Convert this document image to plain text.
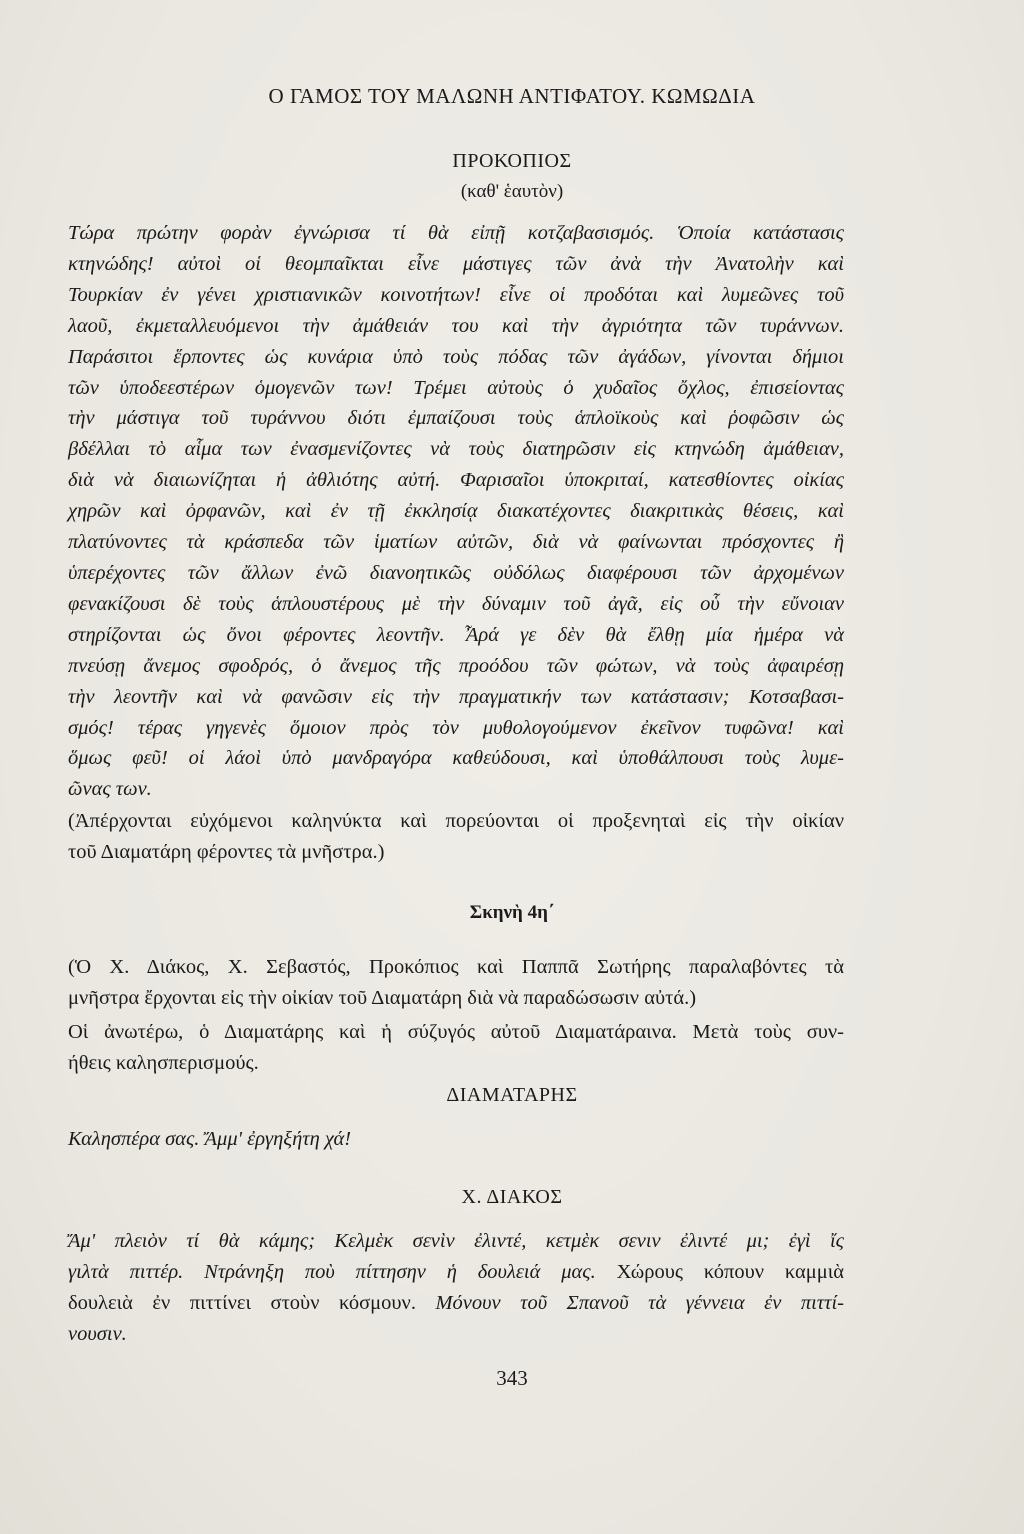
Ο ΓΑΜΟΣ ΤΟΥ ΜΑΛΩΝΗ ΑΝΤΙΦΑΤΟΥ. ΚΩΜΩΔΙΑ
ΠΡΟΚΟΠΙΟΣ
(καθ' ἑαυτὸν)
Τώρα πρώτην φορὰν ἐγνώρισα τί θὰ εἰπῇ κοτζαβασισμός. Ὁποία κατάστασις
κτηνώδης! αὐτοὶ οἱ θεομπαῖκται εἶνε μάστιγες τῶν ἀνὰ τὴν Ἀνατολὴν καὶ
Τουρκίαν ἐν γένει χριστιανικῶν κοινοτήτων! εἶνε οἱ προδόται καὶ λυμεῶνες τοῦ
λαοῦ, ἐκμεταλλευόμενοι τὴν ἀμάθειάν του καὶ τὴν ἀγριότητα τῶν τυράννων.
Παράσιτοι ἕρποντες ὡς κυνάρια ὑπὸ τοὺς πόδας τῶν ἀγάδων, γίνονται δήμιοι
τῶν ὑποδεεστέρων ὁμογενῶν των! Τρέμει αὐτοὺς ὁ χυδαῖος ὄχλος, ἐπισείοντας
τὴν μάστιγα τοῦ τυράννου διότι ἐμπαίζουσι τοὺς ἁπλοϊκοὺς καὶ ῥοφῶσιν ὡς
βδέλλαι τὸ αἷμα των ἐνασμενίζοντες νὰ τοὺς διατηρῶσιν εἰς κτηνώδη ἀμάθειαν,
διὰ νὰ διαιωνίζηται ἡ ἀθλιότης αὐτή. Φαρισαῖοι ὑποκριταί, κατεσθίοντες οἰκίας
χηρῶν καὶ ὀρφανῶν, καὶ ἐν τῇ ἐκκλησίᾳ διακατέχοντες διακριτικὰς θέσεις, καὶ
πλατύνοντες τὰ κράσπεδα τῶν ἱματίων αὐτῶν, διὰ νὰ φαίνωνται πρόσχοντες ἢ
ὑπερέχοντες τῶν ἄλλων ἐνῶ διανοητικῶς οὐδόλως διαφέρουσι τῶν ἀρχομένων
φενακίζουσι δὲ τοὺς ἁπλουστέρους μὲ τὴν δύναμιν τοῦ ἀγᾶ, εἰς οὗ τὴν εὔνοιαν
στηρίζονται ὡς ὄνοι φέροντες λεοντῆν. Ἆρά γε δὲν θὰ ἔλθῃ μία ἡμέρα νὰ
πνεύσῃ ἄνεμος σφοδρός, ὁ ἄνεμος τῆς προόδου τῶν φώτων, νὰ τοὺς ἀφαιρέσῃ
τὴν λεοντῆν καὶ νὰ φανῶσιν εἰς τὴν πραγματικήν των κατάστασιν; Κοτσαβασι-
σμός! τέρας γηγενὲς ὅμοιον πρὸς τὸν μυθολογούμενον ἐκεῖνον τυφῶνα! καὶ
ὅμως φεῦ! οἱ λάοὶ ὑπὸ μανδραγόρα καθεύδουσι, καὶ ὑποθάλπουσι τοὺς λυμε-
ῶνας των.
(Ἀπέρχονται εὐχόμενοι καληνύκτα καὶ πορεύονται οἱ προξενηταὶ εἰς τὴν οἰκίαν
τοῦ Διαματάρη φέροντες τὰ μνῆστρα.)
Σκηνὴ 4η΄
(Ὁ Χ. Διάκος, Χ. Σεβαστός, Προκόπιος καὶ Παππᾶ Σωτήρης παραλαβόντες τὰ
μνῆστρα ἔρχονται εἰς τὴν οἰκίαν τοῦ Διαματάρη διὰ νὰ παραδώσωσιν αὐτά.)
Οἱ ἀνωτέρω, ὁ Διαματάρης καὶ ἡ σύζυγός αὐτοῦ Διαματάραινα. Μετὰ τοὺς συν-
ήθεις καλησπερισμούς.
ΔΙΑΜΑΤΑΡΗΣ
Καλησπέρα σας. Ἄμμ' ἐργηξήτη χά!
Χ. ΔΙΑΚΟΣ
Ἄμ' πλειὸν τί θὰ κάμης; Κελμὲκ σενὶν ἐλιντέ, κετμὲκ σενιν ἐλιντέ μι; ἐγὶ ἴς
γιλτὰ πιττέρ. Ντράνηξη ποὺ πίττησην ἡ δουλειά μας. Χώρους κόπουν καμμιὰ
δουλειὰ ἐν πιττίνει στοὺν κόσμουν. Μόνουν τοῦ Σπανοῦ τὰ γέννεια ἐν πιττί-
νουσιν.
343
